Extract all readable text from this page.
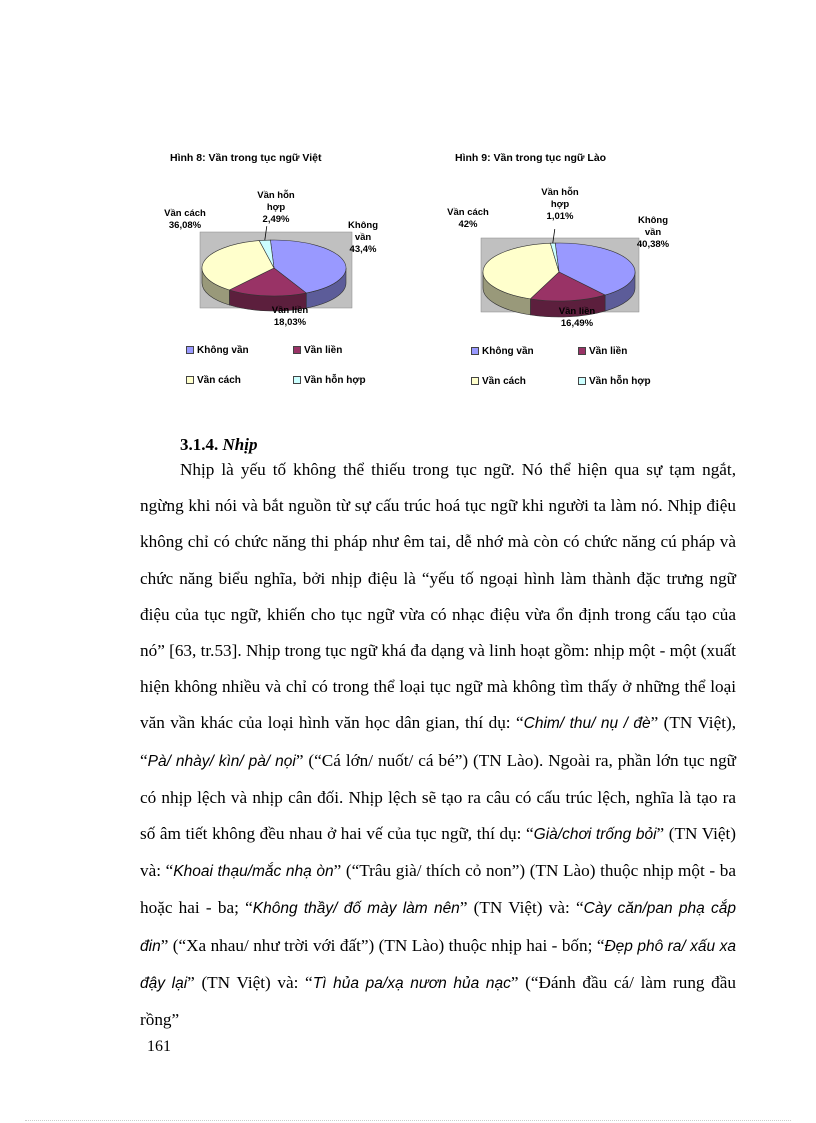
Hình 8: Vần trong tục ngữ Việt
Không
vần
43,4%
Vần liền
18,03%
Vần cách
36,08%
Vần hỗn
hợp
2,49%
Không vần	Vần liền
Vần cách	Vần hỗn hợp
Hình 9: Vần trong tục ngữ Lào
Không
vần
40,38%
Vần liền
16,49%
Vần cách
42%
Vần hỗn
hợp
1,01%
Không vần	Vần liền
Vần cách	Vần hỗn hợp
3.1.4. Nhịp

Nhịp là yếu tố không thể thiếu trong tục ngữ. Nó thể hiện qua sự tạm ngắt, ngừng khi nói và bắt nguồn từ sự cấu trúc hoá tục ngữ khi người ta làm nó. Nhịp điệu không chỉ có chức năng thi pháp như êm tai, dễ nhớ mà còn có chức năng cú pháp và chức năng biểu nghĩa, bởi nhịp điệu là “yếu tố ngoại hình làm thành đặc trưng ngữ điệu của tục ngữ, khiến cho tục ngữ vừa có nhạc điệu vừa ổn định trong cấu tạo của nó” [63, tr.53]. Nhịp trong tục ngữ khá đa dạng và linh hoạt gồm: nhịp một - một (xuất hiện không nhiều và chỉ có trong thể loại tục ngữ mà không tìm thấy ở những thể loại văn vần khác của loại hình văn học dân gian, thí dụ: “Chim/ thu/ nụ / đè” (TN Việt), “Pà/ nhày/ kìn/ pà/ nọi” (“Cá lớn/ nuốt/ cá bé”) (TN Lào). Ngoài ra, phần lớn tục ngữ có nhịp lệch và nhịp cân đối. Nhịp lệch sẽ tạo ra câu có cấu trúc lệch, nghĩa là tạo ra số âm tiết không đều nhau ở hai vế của tục ngữ, thí dụ: “Già/chơi trống bỏi” (TN Việt) và: “Khoai thạu/mắc nhạ òn” (“Trâu già/ thích cỏ non”) (TN Lào) thuộc nhịp một - ba hoặc hai - ba; “Không thầy/ đố mày làm nên” (TN Việt) và: “Cày căn/pan phạ cắp đin” (“Xa nhau/ như trời với đất”) (TN Lào) thuộc nhịp hai - bốn; “Đẹp phô ra/ xấu xa đậy lại” (TN Việt) và: “Tì hủa pa/xạ nươn hủa nạc” (“Đánh đầu cá/ làm rung đầu rồng”

161
